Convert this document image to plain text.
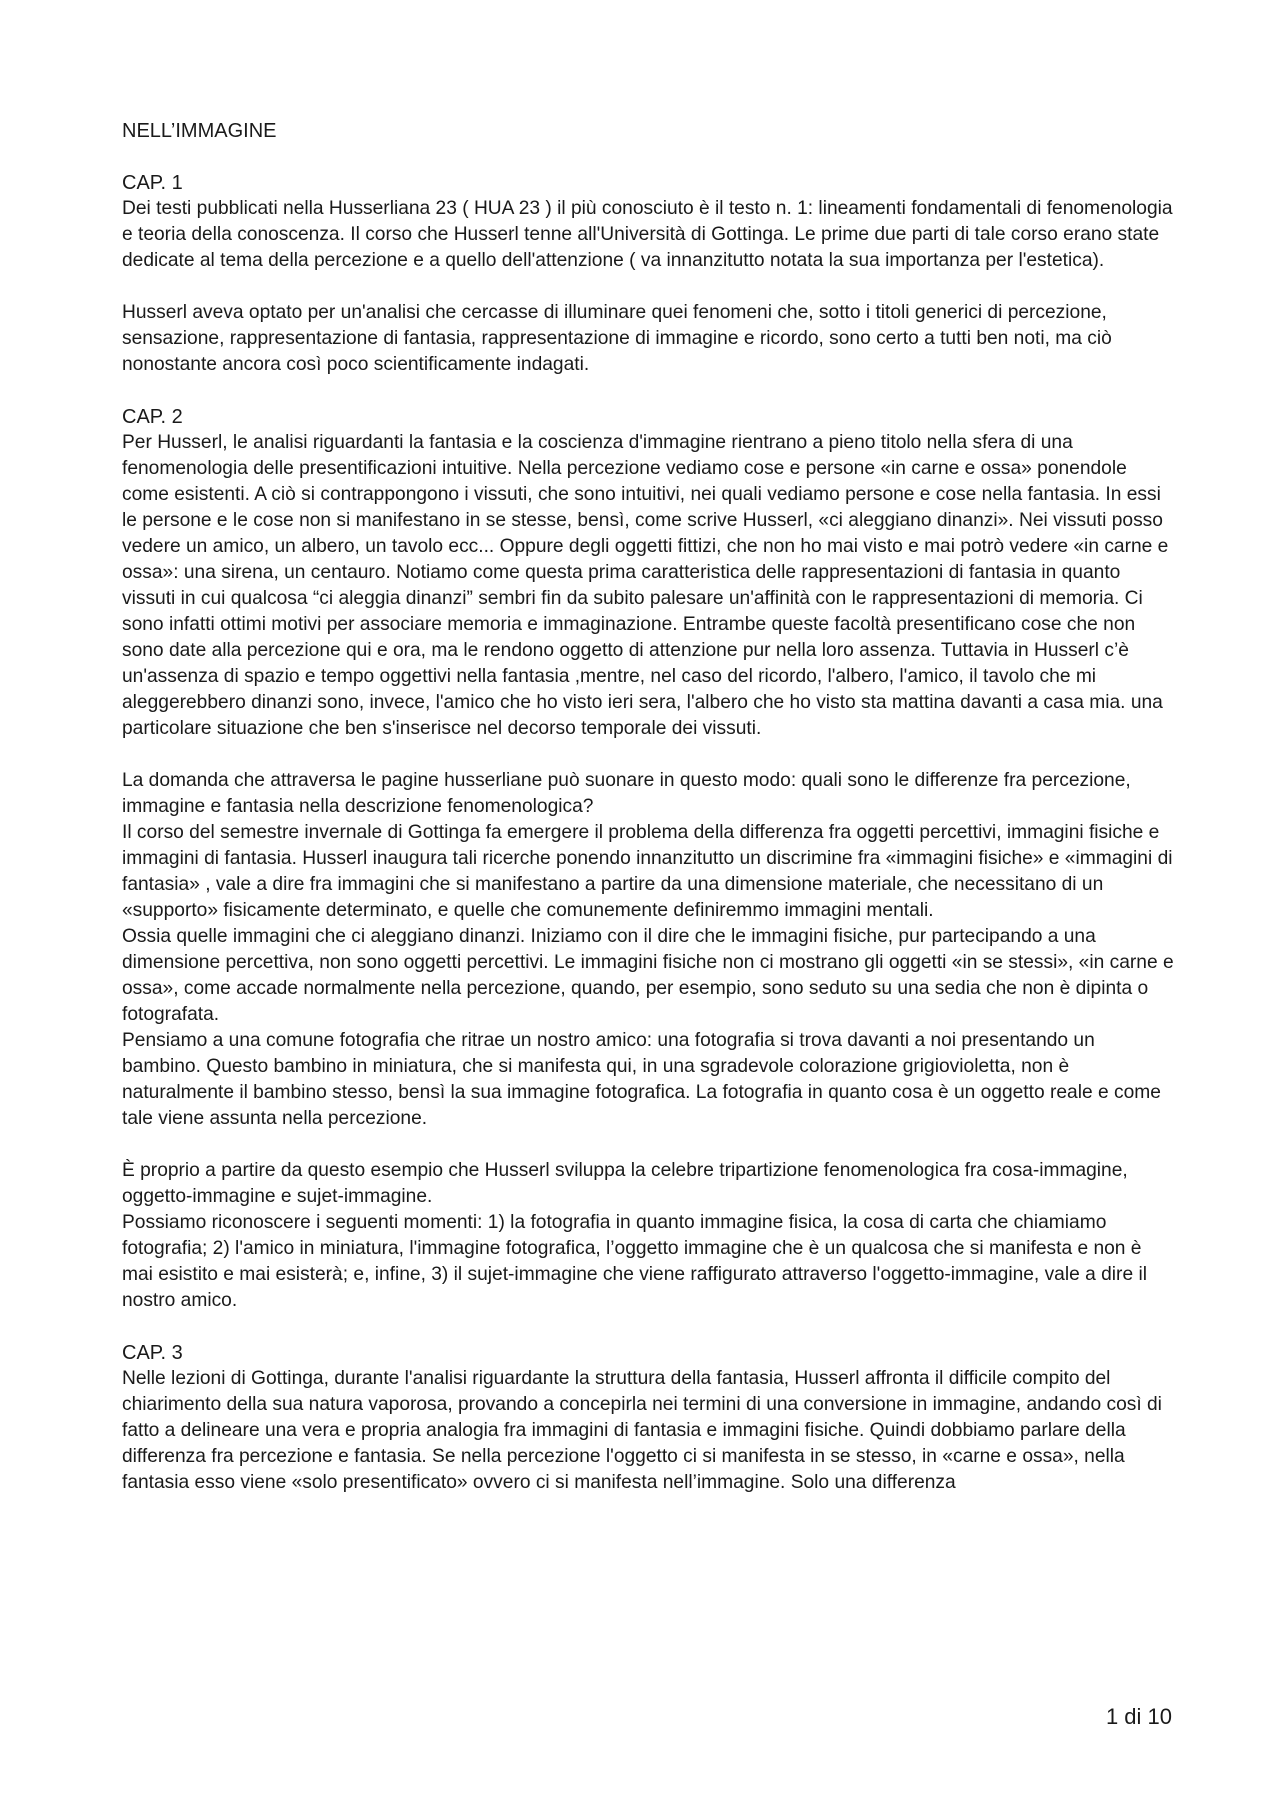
NELL’IMMAGINE
CAP. 1

Dei testi pubblicati nella Husserliana 23 ( HUA 23 ) il più conosciuto è il testo n. 1: lineamenti fondamentali di fenomenologia e teoria della conoscenza. Il corso che Husserl tenne all'Università di Gottinga. Le prime due parti di tale corso erano state dedicate al tema della percezione e a quello dell'attenzione ( va innanzitutto notata la sua importanza per l'estetica).

Husserl aveva optato per un'analisi che cercasse di illuminare quei fenomeni che, sotto i titoli generici di percezione, sensazione, rappresentazione di fantasia, rappresentazione di immagine e ricordo, sono certo a tutti ben noti, ma ciò nonostante ancora così poco scientificamente indagati.

CAP. 2

Per Husserl, le analisi riguardanti la fantasia e la coscienza d'immagine rientrano a pieno titolo nella sfera di una fenomenologia delle presentificazioni intuitive. Nella percezione vediamo cose e persone «in carne e ossa» ponendole come esistenti. A ciò si contrappongono i vissuti, che sono intuitivi, nei quali vediamo persone e cose nella fantasia. In essi le persone e le cose non si manifestano in se stesse, bensì, come scrive Husserl, «ci aleggiano dinanzi». Nei vissuti posso vedere un amico, un albero, un tavolo ecc... Oppure degli oggetti fittizi, che non ho mai visto e mai potrò vedere «in carne e ossa»: una sirena, un centauro. Notiamo come questa prima caratteristica delle rappresentazioni di fantasia in quanto vissuti in cui qualcosa “ci aleggia dinanzi” sembri fin da subito palesare un'affinità con le rappresentazioni di memoria. Ci sono infatti ottimi motivi per associare memoria e immaginazione. Entrambe queste facoltà presentificano cose che non sono date alla percezione qui e ora, ma le rendono oggetto di attenzione pur nella loro assenza. Tuttavia in Husserl c’è un'assenza di spazio e tempo oggettivi nella fantasia ,mentre, nel caso del ricordo, l'albero, l'amico, il tavolo che mi aleggerebbero dinanzi sono, invece, l'amico che ho visto ieri sera, l'albero che ho visto sta mattina davanti a casa mia. una particolare situazione che ben s'inserisce nel decorso temporale dei vissuti.

La domanda che attraversa le pagine husserliane può suonare in questo modo: quali sono le differenze fra percezione, immagine e fantasia nella descrizione fenomenologica?
Il corso del semestre invernale di Gottinga fa emergere il problema della differenza fra oggetti percettivi, immagini fisiche e immagini di fantasia. Husserl inaugura tali ricerche ponendo innanzitutto un discrimine fra «immagini fisiche» e «immagini di fantasia» , vale a dire fra immagini che si manifestano a partire da una dimensione materiale, che necessitano di un «supporto» fisicamente determinato, e quelle che comunemente definiremmo immagini mentali.
Ossia quelle immagini che ci aleggiano dinanzi. Iniziamo con il dire che le immagini fisiche, pur partecipando a una dimensione percettiva, non sono oggetti percettivi. Le immagini fisiche non ci mostrano gli oggetti «in se stessi», «in carne e ossa», come accade normalmente nella percezione, quando, per esempio, sono seduto su una sedia che non è dipinta o fotografata.
Pensiamo a una comune fotografia che ritrae un nostro amico: una fotografia si trova davanti a noi presentando un bambino. Questo bambino in miniatura, che si manifesta qui, in una sgradevole colorazione grigiovioletta, non è naturalmente il bambino stesso, bensì la sua immagine fotografica. La fotografia in quanto cosa è un oggetto reale e come tale viene assunta nella percezione.

È proprio a partire da questo esempio che Husserl sviluppa la celebre tripartizione fenomenologica fra cosa-immagine, oggetto-immagine e sujet-immagine.
Possiamo riconoscere i seguenti momenti: 1) la fotografia in quanto immagine fisica, la cosa di carta che chiamiamo fotografia; 2) l'amico in miniatura, l'immagine fotografica, l’oggetto immagine che è un qualcosa che si manifesta e non è mai esistito e mai esisterà; e, infine, 3) il sujet-immagine che viene raffigurato attraverso l'oggetto-immagine, vale a dire il nostro amico.

CAP. 3

Nelle lezioni di Gottinga, durante l'analisi riguardante la struttura della fantasia, Husserl affronta il difficile compito del chiarimento della sua natura vaporosa, provando a concepirla nei termini di una conversione in immagine, andando così di fatto a delineare una vera e propria analogia fra immagini di fantasia e immagini fisiche. Quindi dobbiamo parlare della differenza fra percezione e fantasia. Se nella percezione l'oggetto ci si manifesta in se stesso, in «carne e ossa», nella fantasia esso viene «solo presentificato» ovvero ci si manifesta nell’immagine. Solo una differenza

1 di 10
